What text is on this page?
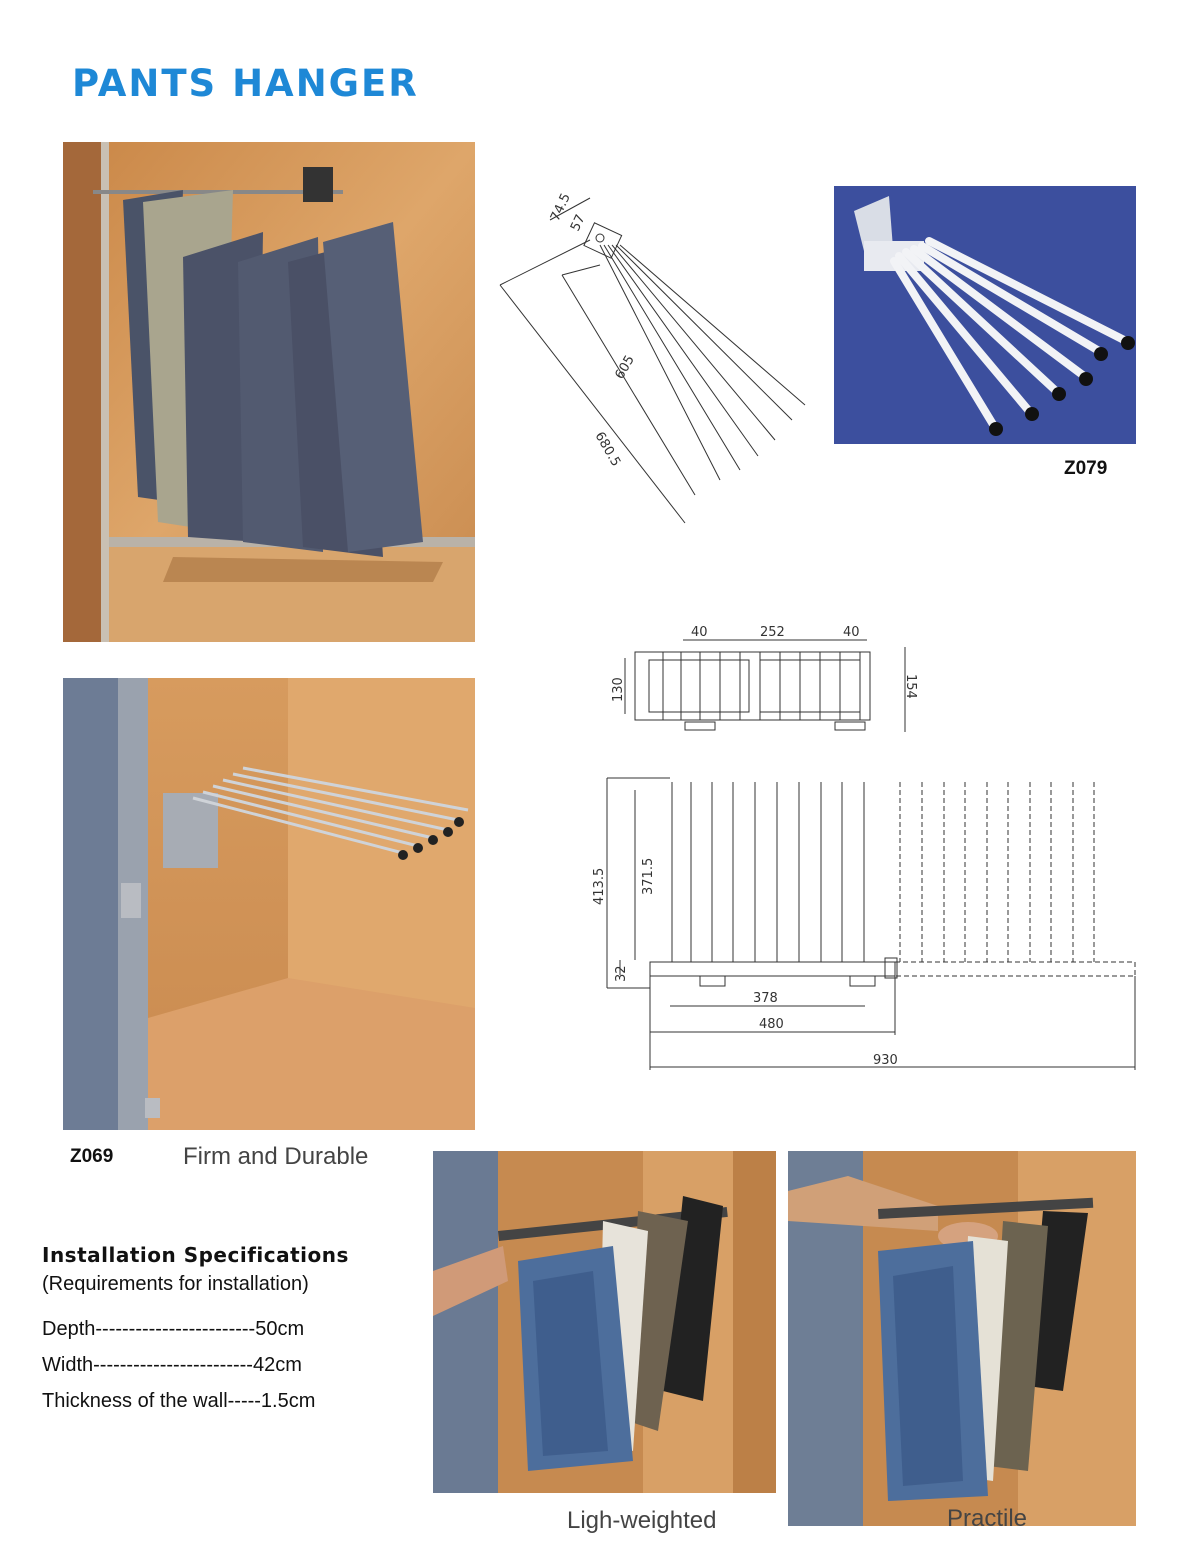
PANTS HANGER
74.5
57
680.5
605
Z079
40	252	40
130	154
413.5	371.5
32
378
480
930
Z069	Firm and Durable
Installation Specifications
(Requirements for installation)
Depth------------------------50cm
Width------------------------42cm
Thickness of the wall-----1.5cm
Ligh-weighted	Practile
